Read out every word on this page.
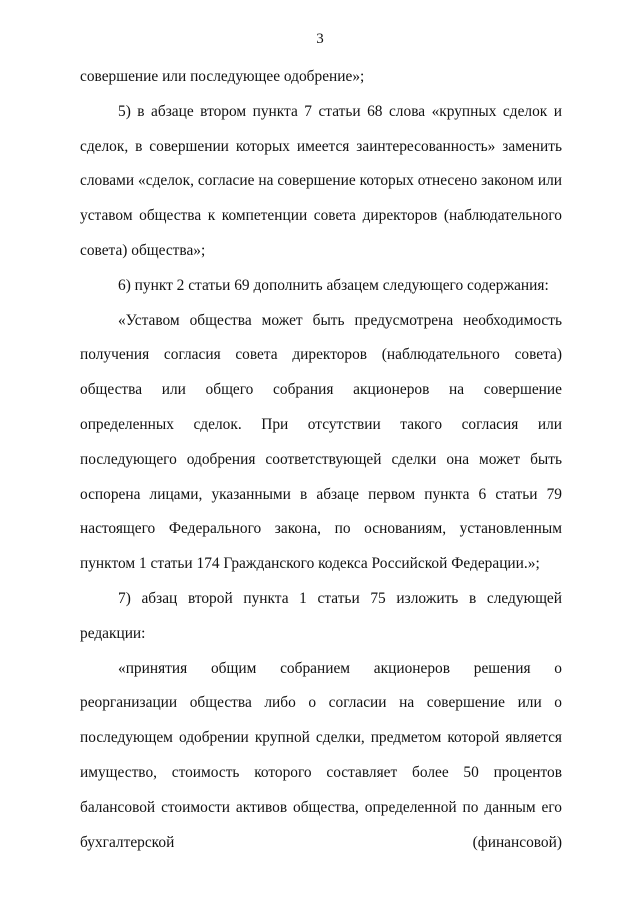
3

совершение или последующее одобрение»;

5) в абзаце втором пункта 7 статьи 68 слова «крупных сделок и сделок, в совершении которых имеется заинтересованность» заменить словами «сделок, согласие на совершение которых отнесено законом или уставом общества к компетенции совета директоров (наблюдательного совета) общества»;

6) пункт 2 статьи 69 дополнить абзацем следующего содержания:

«Уставом общества может быть предусмотрена необходимость получения согласия совета директоров (наблюдательного совета) общества или общего собрания акционеров на совершение определенных сделок. При отсутствии такого согласия или последующего одобрения соответствующей сделки она может быть оспорена лицами, указанными в абзаце первом пункта 6 статьи 79 настоящего Федерального закона, по основаниям, установленным пунктом 1 статьи 174 Гражданского кодекса Российской Федерации.»;

7) абзац второй пункта 1 статьи 75 изложить в следующей редакции:

«принятия общим собранием акционеров решения о реорганизации общества либо о согласии на совершение или о последующем одобрении крупной сделки, предметом которой является имущество, стоимость которого составляет более 50 процентов балансовой стоимости активов общества, определенной по данным его бухгалтерской (финансовой)
